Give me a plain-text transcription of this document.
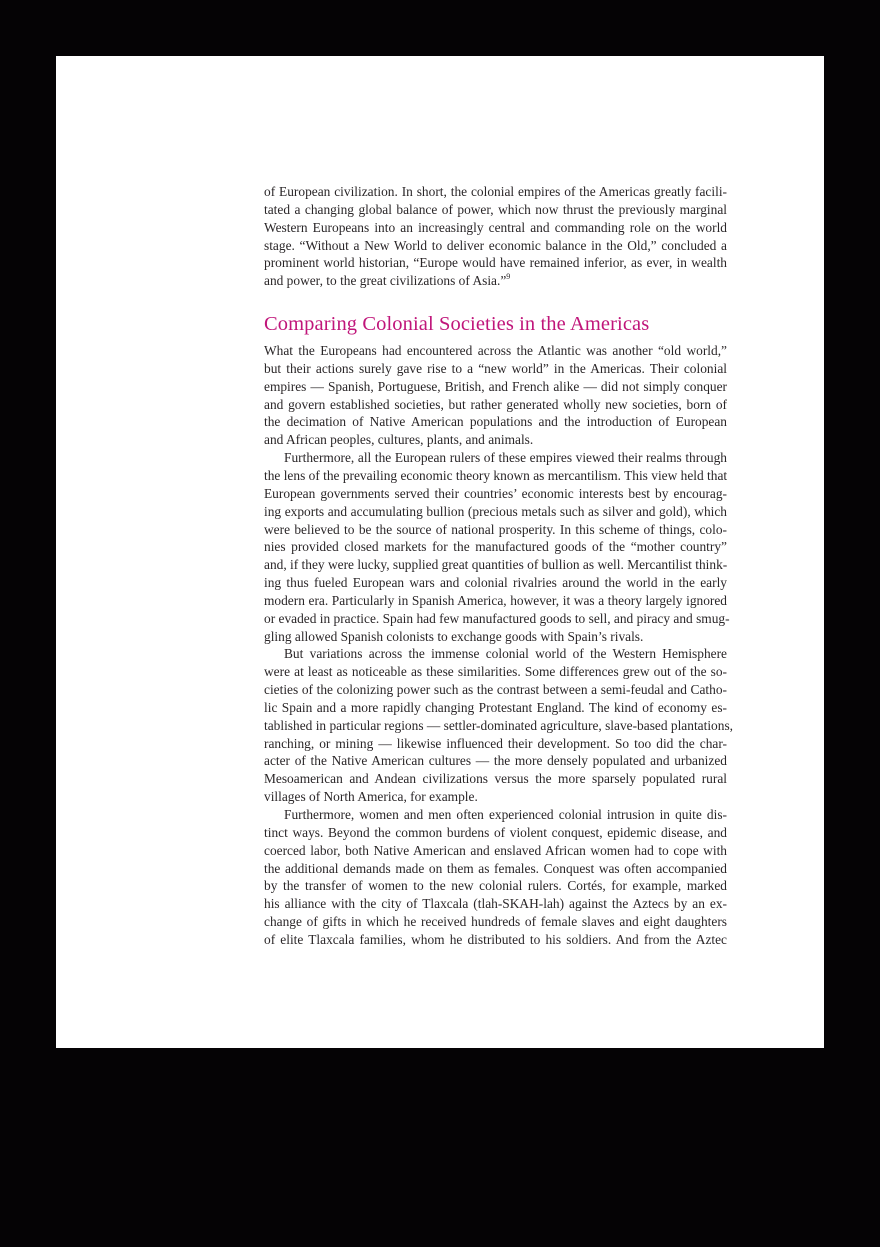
of European civilization. In short, the colonial empires of the Americas greatly facili-
tated a changing global balance of power, which now thrust the previously marginal
Western Europeans into an increasingly central and commanding role on the world
stage. “Without a New World to deliver economic balance in the Old,” concluded a
prominent world historian, “Europe would have remained inferior, as ever, in wealth
and power, to the great civilizations of Asia.”$^9$

Comparing Colonial Societies in the Americas

What the Europeans had encountered across the Atlantic was another “old world,”
but their actions surely gave rise to a “new world” in the Americas. Their colonial
empires — Spanish, Portuguese, British, and French alike — did not simply conquer
and govern established societies, but rather generated wholly new societies, born of
the decimation of Native American populations and the introduction of European
and African peoples, cultures, plants, and animals.

Furthermore, all the European rulers of these empires viewed their realms through
the lens of the prevailing economic theory known as mercantilism. This view held that
European governments served their countries’ economic interests best by encourag-
ing exports and accumulating bullion (precious metals such as silver and gold), which
were believed to be the source of national prosperity. In this scheme of things, colo-
nies provided closed markets for the manufactured goods of the “mother country”
and, if they were lucky, supplied great quantities of bullion as well. Mercantilist think-
ing thus fueled European wars and colonial rivalries around the world in the early
modern era. Particularly in Spanish America, however, it was a theory largely ignored
or evaded in practice. Spain had few manufactured goods to sell, and piracy and smug-
gling allowed Spanish colonists to exchange goods with Spain’s rivals.

But variations across the immense colonial world of the Western Hemisphere
were at least as noticeable as these similarities. Some differences grew out of the so-
cieties of the colonizing power such as the contrast between a semi-feudal and Catho-
lic Spain and a more rapidly changing Protestant England. The kind of economy es-
tablished in particular regions — settler-dominated agriculture, slave-based plantations,
ranching, or mining — likewise influenced their development. So too did the char-
acter of the Native American cultures — the more densely populated and urbanized
Mesoamerican and Andean civilizations versus the more sparsely populated rural
villages of North America, for example.

Furthermore, women and men often experienced colonial intrusion in quite dis-
tinct ways. Beyond the common burdens of violent conquest, epidemic disease, and
coerced labor, both Native American and enslaved African women had to cope with
the additional demands made on them as females. Conquest was often accompanied
by the transfer of women to the new colonial rulers. Cortés, for example, marked
his alliance with the city of Tlaxcala (tlah-SKAH-lah) against the Aztecs by an ex-
change of gifts in which he received hundreds of female slaves and eight daughters
of elite Tlaxcala families, whom he distributed to his soldiers. And from the Aztec
